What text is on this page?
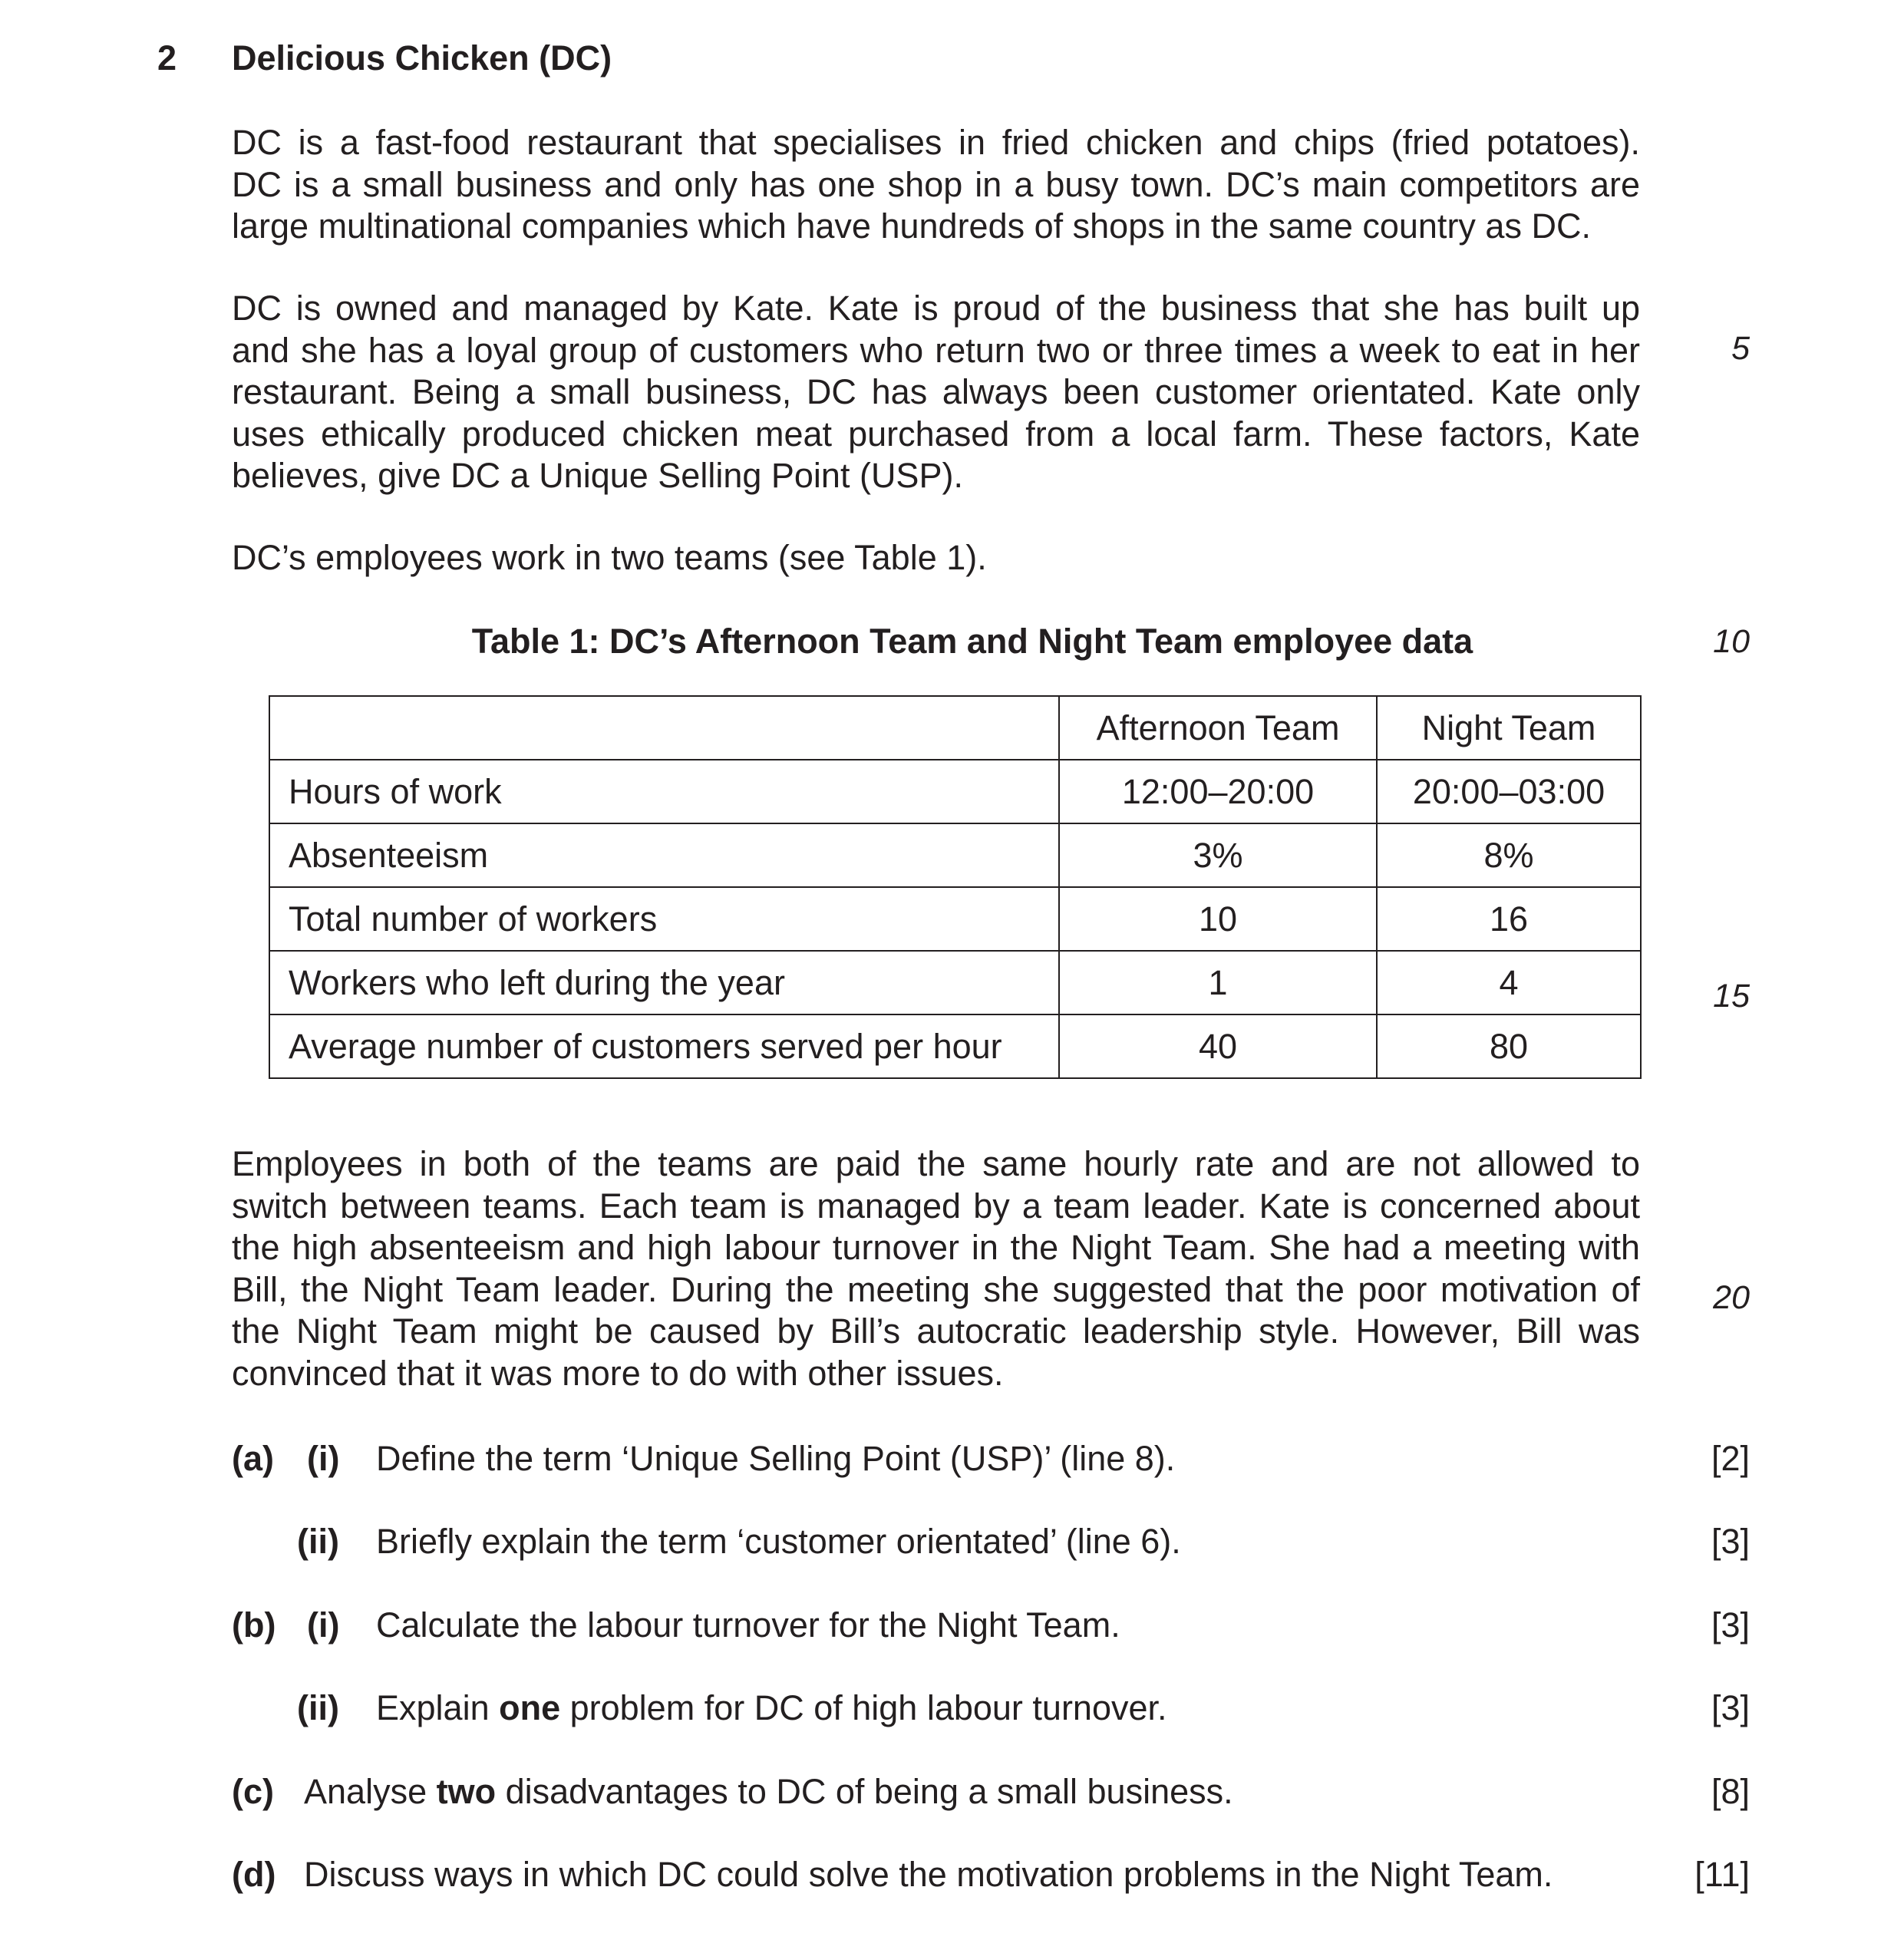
2 Delicious Chicken (DC)
DC is a fast-food restaurant that specialises in fried chicken and chips (fried potatoes).
DC is a small business and only has one shop in a busy town. DC’s main competitors are
large multinational companies which have hundreds of shops in the same country as DC.
DC is owned and managed by Kate. Kate is proud of the business that she has built up
and she has a loyal group of customers who return two or three times a week to eat in her
restaurant. Being a small business, DC has always been customer orientated. Kate only
uses ethically produced chicken meat purchased from a local farm. These factors, Kate
believes, give DC a Unique Selling Point (USP).
DC’s employees work in two teams (see Table 1).
5
10
15
20
Table 1: DC’s Afternoon Team and Night Team employee data
	Afternoon Team	Night Team
Hours of work	12:00–20:00	20:00–03:00
Absenteeism	3%	8%
Total number of workers	10	16
Workers who left during the year	1	4
Average number of customers served per hour	40	80
Employees in both of the teams are paid the same hourly rate and are not allowed to
switch between teams. Each team is managed by a team leader. Kate is concerned about
the high absenteeism and high labour turnover in the Night Team. She had a meeting with
Bill, the Night Team leader. During the meeting she suggested that the poor motivation of
the Night Team might be caused by Bill’s autocratic leadership style. However, Bill was
convinced that it was more to do with other issues.
(a) (i) Define the term ‘Unique Selling Point (USP)’ (line 8).	[2]
(ii) Briefly explain the term ‘customer orientated’ (line 6).	[3]
(b) (i) Calculate the labour turnover for the Night Team.	[3]
(ii) Explain one problem for DC of high labour turnover.	[3]
(c) Analyse two disadvantages to DC of being a small business.	[8]
(d) Discuss ways in which DC could solve the motivation problems in the Night Team.	[11]
